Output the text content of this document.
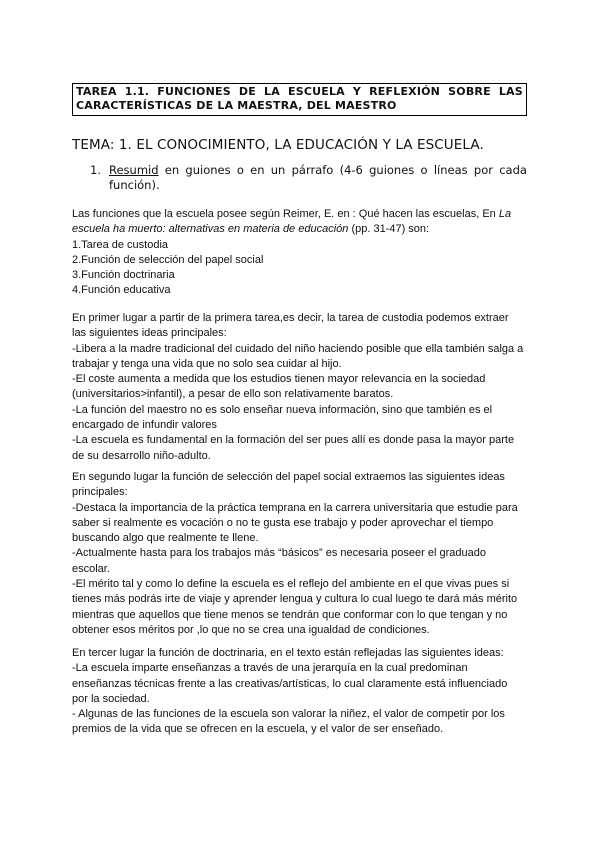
TAREA 1.1. FUNCIONES DE LA ESCUELA Y REFLEXIÓN SOBRE LAS
CARACTERÍSTICAS DE LA MAESTRA, DEL MAESTRO
TEMA: 1. EL CONOCIMIENTO, LA EDUCACIÓN Y LA ESCUELA.
1. Resumid en guiones o en un párrafo (4-6 guiones o líneas por cada
función).

Las funciones que la escuela posee según Reimer, E. en : Qué hacen las escuelas, En La

escuela ha muerto: alternativas en materia de educación (pp. 31-47) son:

1.Tarea de custodia

2.Función de selección del papel social

3.Función doctrinaria

4.Función educativa

En primer lugar a partir de la primera tarea,es decir, la tarea de custodia podemos extraer

las siguientes ideas principales:

-Libera a la madre tradicional del cuidado del niño haciendo posible que ella también salga a

trabajar y tenga una vida que no solo sea cuidar al hijo.

-El coste aumenta a medida que los estudios tienen mayor relevancia en la sociedad

(universitarios>infantil), a pesar de ello son relativamente baratos.

-La función del maestro no es solo enseñar nueva información, sino que también es el

encargado de infundir valores

-La escuela es fundamental en la formación del ser pues allí es donde pasa la mayor parte

de su desarrollo niño-adulto.

En segundo lugar la función de selección del papel social extraemos las siguientes ideas

principales:

-Destaca la importancia de la práctica temprana en la carrera universitaria que estudie para

saber si realmente es vocación o no te gusta ese trabajo y poder aprovechar el tiempo

buscando algo que realmente te llene.

-Actualmente hasta para los trabajos más “básicos” es necesaria poseer el graduado

escolar.

-El mérito tal y como lo define la escuela es el reflejo del ambiente en el que vivas pues si

tienes más podrás irte de viaje y aprender lengua y cultura lo cual luego te dará más mérito

mientras que aquellos que tiene menos se tendrán que conformar con lo que tengan y no

obtener esos méritos por ,lo que no se crea una igualdad de condiciones.

En tercer lugar la función de doctrinaria, en el texto están reflejadas las siguientes ideas:

-La escuela imparte enseñanzas a través de una jerarquía en la cual predominan

enseñanzas técnicas frente a las creativas/artísticas, lo cual claramente está influenciado

por la sociedad.

- Algunas de las funciones de la escuela son valorar la niñez, el valor de competir por los

premios de la vida que se ofrecen en la escuela, y el valor de ser enseñado.
